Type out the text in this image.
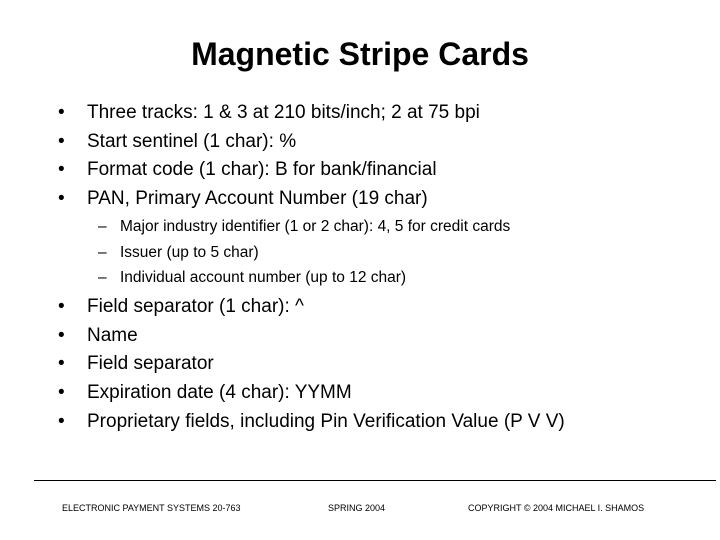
Magnetic Stripe Cards
• Three tracks: 1 & 3 at 210 bits/inch; 2 at 75 bpi
• Start sentinel (1 char): %
• Format code (1 char): B for bank/financial
• PAN, Primary Account Number (19 char)
– Major industry identifier (1 or 2 char): 4, 5 for credit cards
– Issuer (up to 5 char)
– Individual account number (up to 12 char)
• Field separator (1 char): ^
• Name
• Field separator
• Expiration date (4 char): YYMM
• Proprietary fields, including Pin Verification Value (P V V)
ELECTRONIC PAYMENT SYSTEMS 20-763	SPRING 2004	COPYRIGHT © 2004 MICHAEL I. SHAMOS
